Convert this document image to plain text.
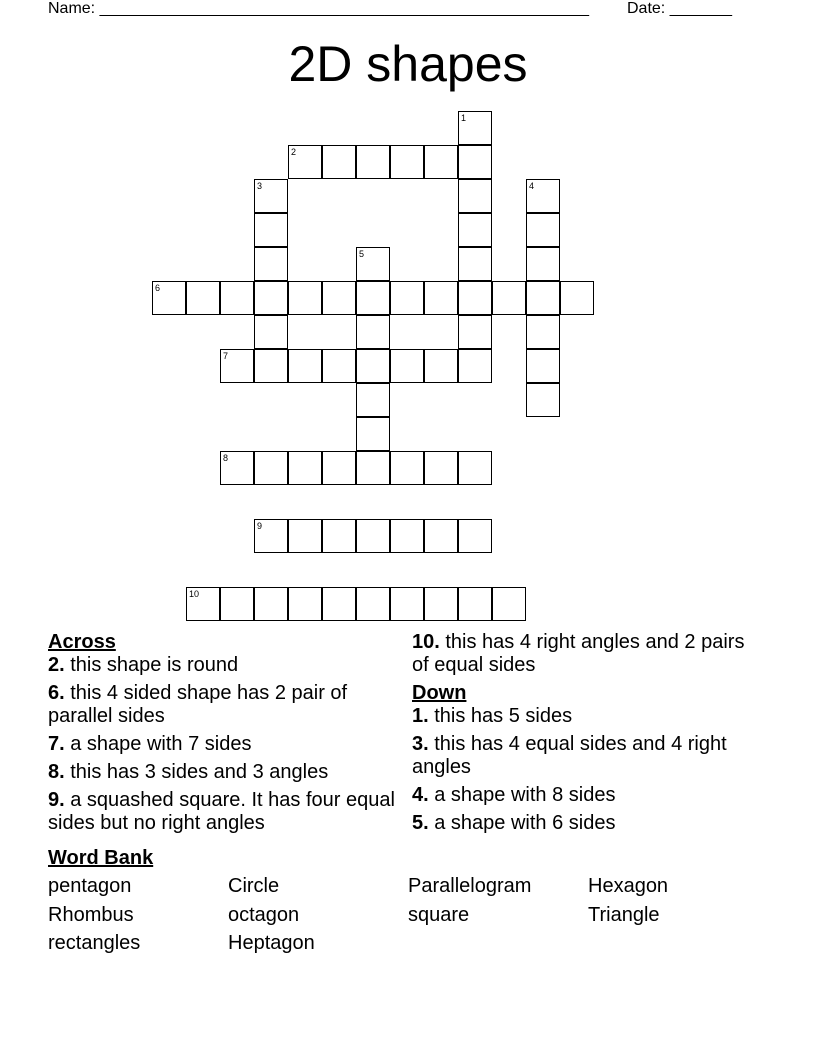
Name: _______________________________________________________ Date: _______
2D shapes
1
2
3	4
5
6
7
8
9
10
Across
2. this shape is round
6. this 4 sided shape has 2 pair of parallel sides
7. a shape with 7 sides
8. this has 3 sides and 3 angles
9. a squashed square. It has four equal sides but no right angles
10. this has 4 right angles and 2 pairs of equal sides
Down
1. this has 5 sides
3. this has 4 equal sides and 4 right angles
4. a shape with 8 sides
5. a shape with 6 sides
Word Bank
pentagon	Circle	Parallelogram	Hexagon
Rhombus	octagon	square	Triangle
rectangles	Heptagon
